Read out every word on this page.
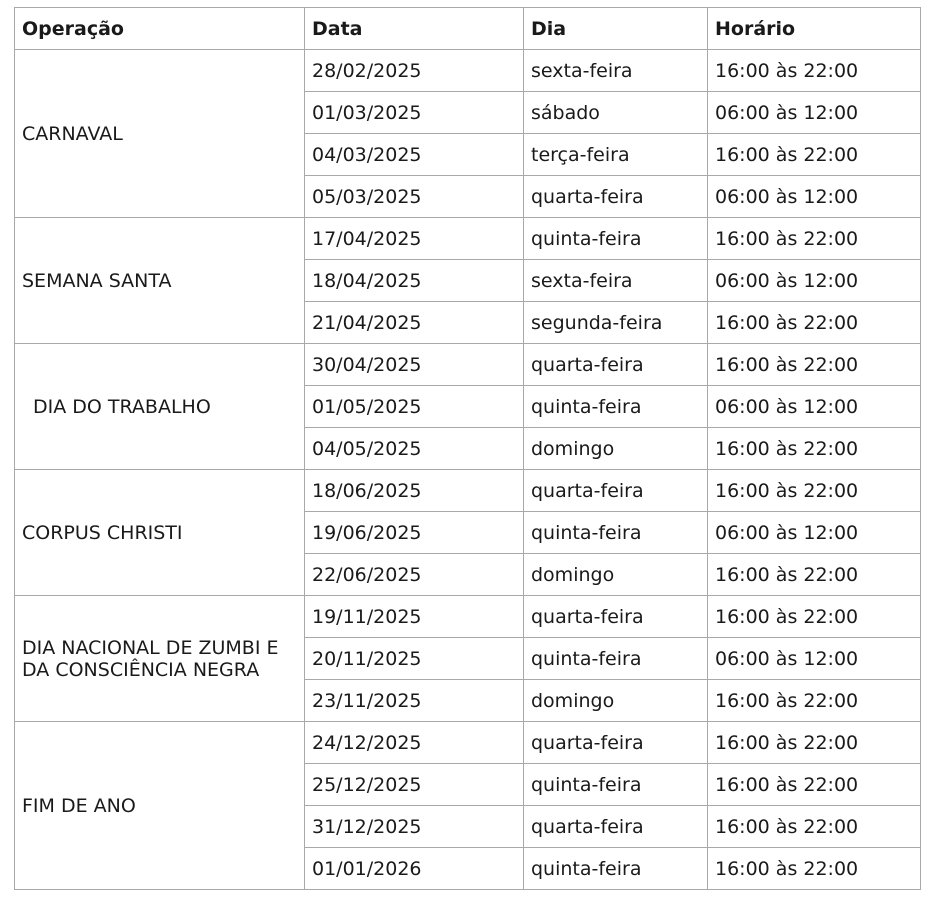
Operação	Data	Dia	Horário

CARNAVAL	28/02/2025	sexta-feira	16:00 às 22:00
	01/03/2025	sábado	06:00 às 12:00
	04/03/2025	terça-feira	16:00 às 22:00
	05/03/2025	quarta-feira	06:00 às 12:00

SEMANA SANTA	17/04/2025	quinta-feira	16:00 às 22:00
	18/04/2025	sexta-feira	06:00 às 12:00
	21/04/2025	segunda-feira	16:00 às 22:00

DIA DO TRABALHO	30/04/2025	quarta-feira	16:00 às 22:00
	01/05/2025	quinta-feira	06:00 às 12:00
	04/05/2025	domingo	16:00 às 22:00

CORPUS CHRISTI	18/06/2025	quarta-feira	16:00 às 22:00
	19/06/2025	quinta-feira	06:00 às 12:00
	22/06/2025	domingo	16:00 às 22:00

DIA NACIONAL DE ZUMBI E
DA CONSCIÊNCIA NEGRA	19/11/2025	quarta-feira	16:00 às 22:00
	20/11/2025	quinta-feira	06:00 às 12:00
	23/11/2025	domingo	16:00 às 22:00

FIM DE ANO	24/12/2025	quarta-feira	16:00 às 22:00
	25/12/2025	quinta-feira	16:00 às 22:00
	31/12/2025	quarta-feira	16:00 às 22:00
	01/01/2026	quinta-feira	16:00 às 22:00
